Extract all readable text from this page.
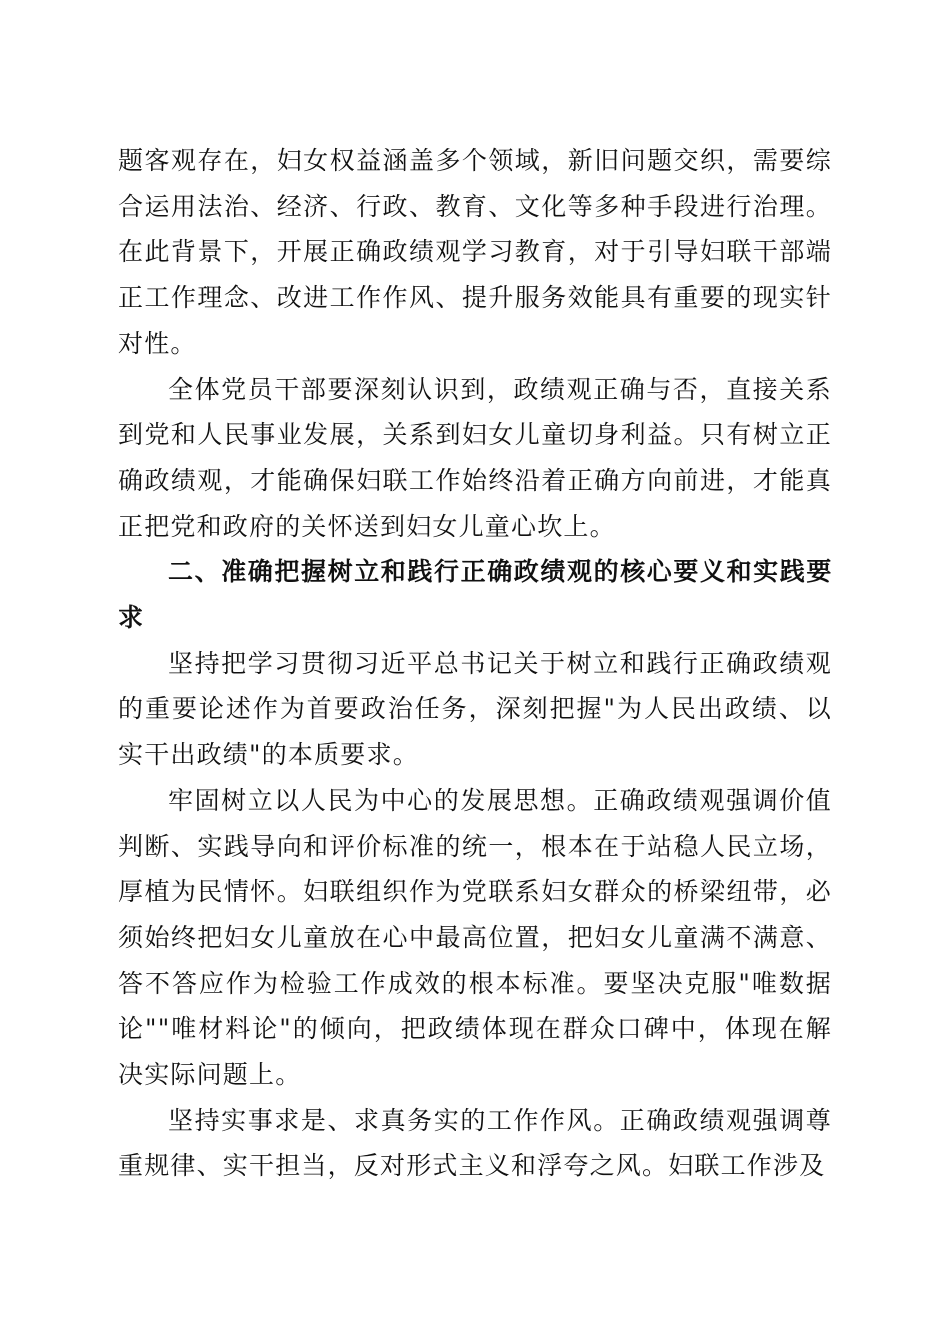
题客观存在，妇女权益涵盖多个领域，新旧问题交织，需要综合运用法治、经济、行政、教育、文化等多种手段进行治理。在此背景下，开展正确政绩观学习教育，对于引导妇联干部端正工作理念、改进工作作风、提升服务效能具有重要的现实针对性。

全体党员干部要深刻认识到，政绩观正确与否，直接关系到党和人民事业发展，关系到妇女儿童切身利益。只有树立正确政绩观，才能确保妇联工作始终沿着正确方向前进，才能真正把党和政府的关怀送到妇女儿童心坎上。

二、准确把握树立和践行正确政绩观的核心要义和实践要求

坚持把学习贯彻习近平总书记关于树立和践行正确政绩观的重要论述作为首要政治任务，深刻把握"为人民出政绩、以实干出政绩"的本质要求。

牢固树立以人民为中心的发展思想。正确政绩观强调价值判断、实践导向和评价标准的统一，根本在于站稳人民立场，厚植为民情怀。妇联组织作为党联系妇女群众的桥梁纽带，必须始终把妇女儿童放在心中最高位置，把妇女儿童满不满意、答不答应作为检验工作成效的根本标准。要坚决克服"唯数据论""唯材料论"的倾向，把政绩体现在群众口碑中，体现在解决实际问题上。

坚持实事求是、求真务实的工作作风。正确政绩观强调尊重规律、实干担当，反对形式主义和浮夸之风。妇联工作涉及
